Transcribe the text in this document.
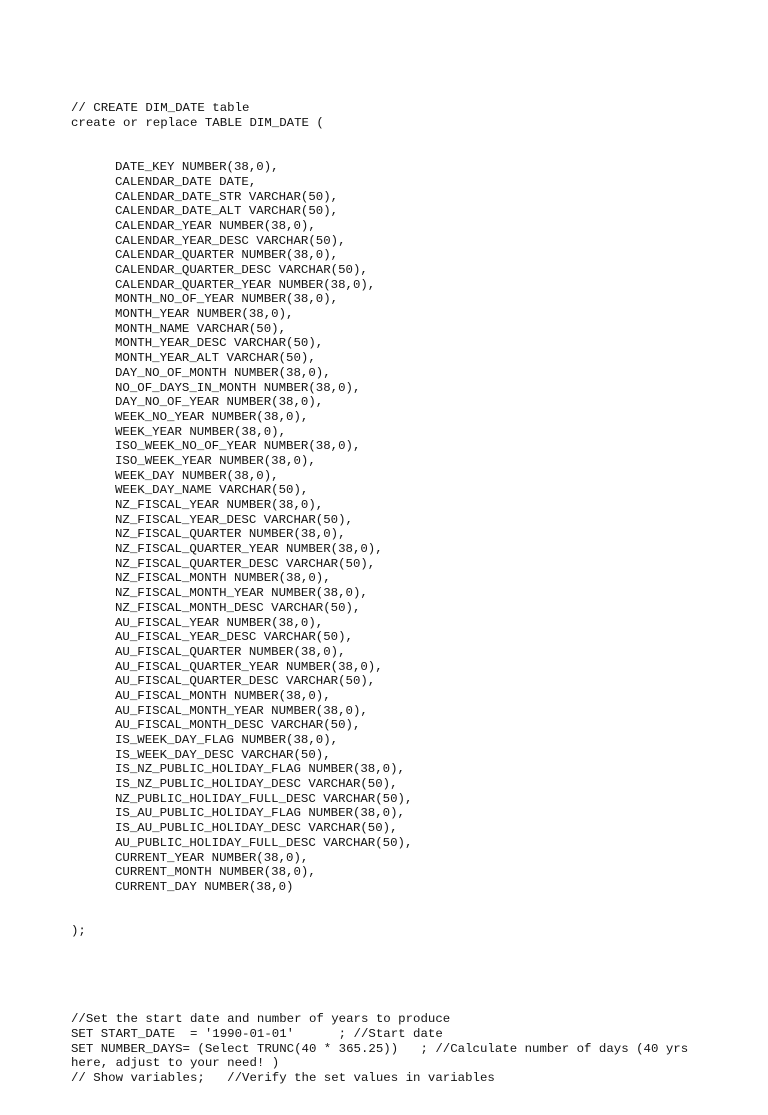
// CREATE DIM_DATE table
create or replace TABLE DIM_DATE (

DATE_KEY NUMBER(38,0),
CALENDAR_DATE DATE,
CALENDAR_DATE_STR VARCHAR(50),
CALENDAR_DATE_ALT VARCHAR(50),
CALENDAR_YEAR NUMBER(38,0),
CALENDAR_YEAR_DESC VARCHAR(50),
CALENDAR_QUARTER NUMBER(38,0),
CALENDAR_QUARTER_DESC VARCHAR(50),
CALENDAR_QUARTER_YEAR NUMBER(38,0),
MONTH_NO_OF_YEAR NUMBER(38,0),
MONTH_YEAR NUMBER(38,0),
MONTH_NAME VARCHAR(50),
MONTH_YEAR_DESC VARCHAR(50),
MONTH_YEAR_ALT VARCHAR(50),
DAY_NO_OF_MONTH NUMBER(38,0),
NO_OF_DAYS_IN_MONTH NUMBER(38,0),
DAY_NO_OF_YEAR NUMBER(38,0),
WEEK_NO_YEAR NUMBER(38,0),
WEEK_YEAR NUMBER(38,0),
ISO_WEEK_NO_OF_YEAR NUMBER(38,0),
ISO_WEEK_YEAR NUMBER(38,0),
WEEK_DAY NUMBER(38,0),
WEEK_DAY_NAME VARCHAR(50),
NZ_FISCAL_YEAR NUMBER(38,0),
NZ_FISCAL_YEAR_DESC VARCHAR(50),
NZ_FISCAL_QUARTER NUMBER(38,0),
NZ_FISCAL_QUARTER_YEAR NUMBER(38,0),
NZ_FISCAL_QUARTER_DESC VARCHAR(50),
NZ_FISCAL_MONTH NUMBER(38,0),
NZ_FISCAL_MONTH_YEAR NUMBER(38,0),
NZ_FISCAL_MONTH_DESC VARCHAR(50),
AU_FISCAL_YEAR NUMBER(38,0),
AU_FISCAL_YEAR_DESC VARCHAR(50),
AU_FISCAL_QUARTER NUMBER(38,0),
AU_FISCAL_QUARTER_YEAR NUMBER(38,0),
AU_FISCAL_QUARTER_DESC VARCHAR(50),
AU_FISCAL_MONTH NUMBER(38,0),
AU_FISCAL_MONTH_YEAR NUMBER(38,0),
AU_FISCAL_MONTH_DESC VARCHAR(50),
IS_WEEK_DAY_FLAG NUMBER(38,0),
IS_WEEK_DAY_DESC VARCHAR(50),
IS_NZ_PUBLIC_HOLIDAY_FLAG NUMBER(38,0),
IS_NZ_PUBLIC_HOLIDAY_DESC VARCHAR(50),
NZ_PUBLIC_HOLIDAY_FULL_DESC VARCHAR(50),
IS_AU_PUBLIC_HOLIDAY_FLAG NUMBER(38,0),
IS_AU_PUBLIC_HOLIDAY_DESC VARCHAR(50),
AU_PUBLIC_HOLIDAY_FULL_DESC VARCHAR(50),
CURRENT_YEAR NUMBER(38,0),
CURRENT_MONTH NUMBER(38,0),
CURRENT_DAY NUMBER(38,0)

);

//Set the start date and number of years to produce
SET START_DATE  = '1990-01-01'      ; //Start date
SET NUMBER_DAYS= (Select TRUNC(40 * 365.25))   ; //Calculate number of days (40 yrs
here, adjust to your need! )
// Show variables;   //Verify the set values in variables
